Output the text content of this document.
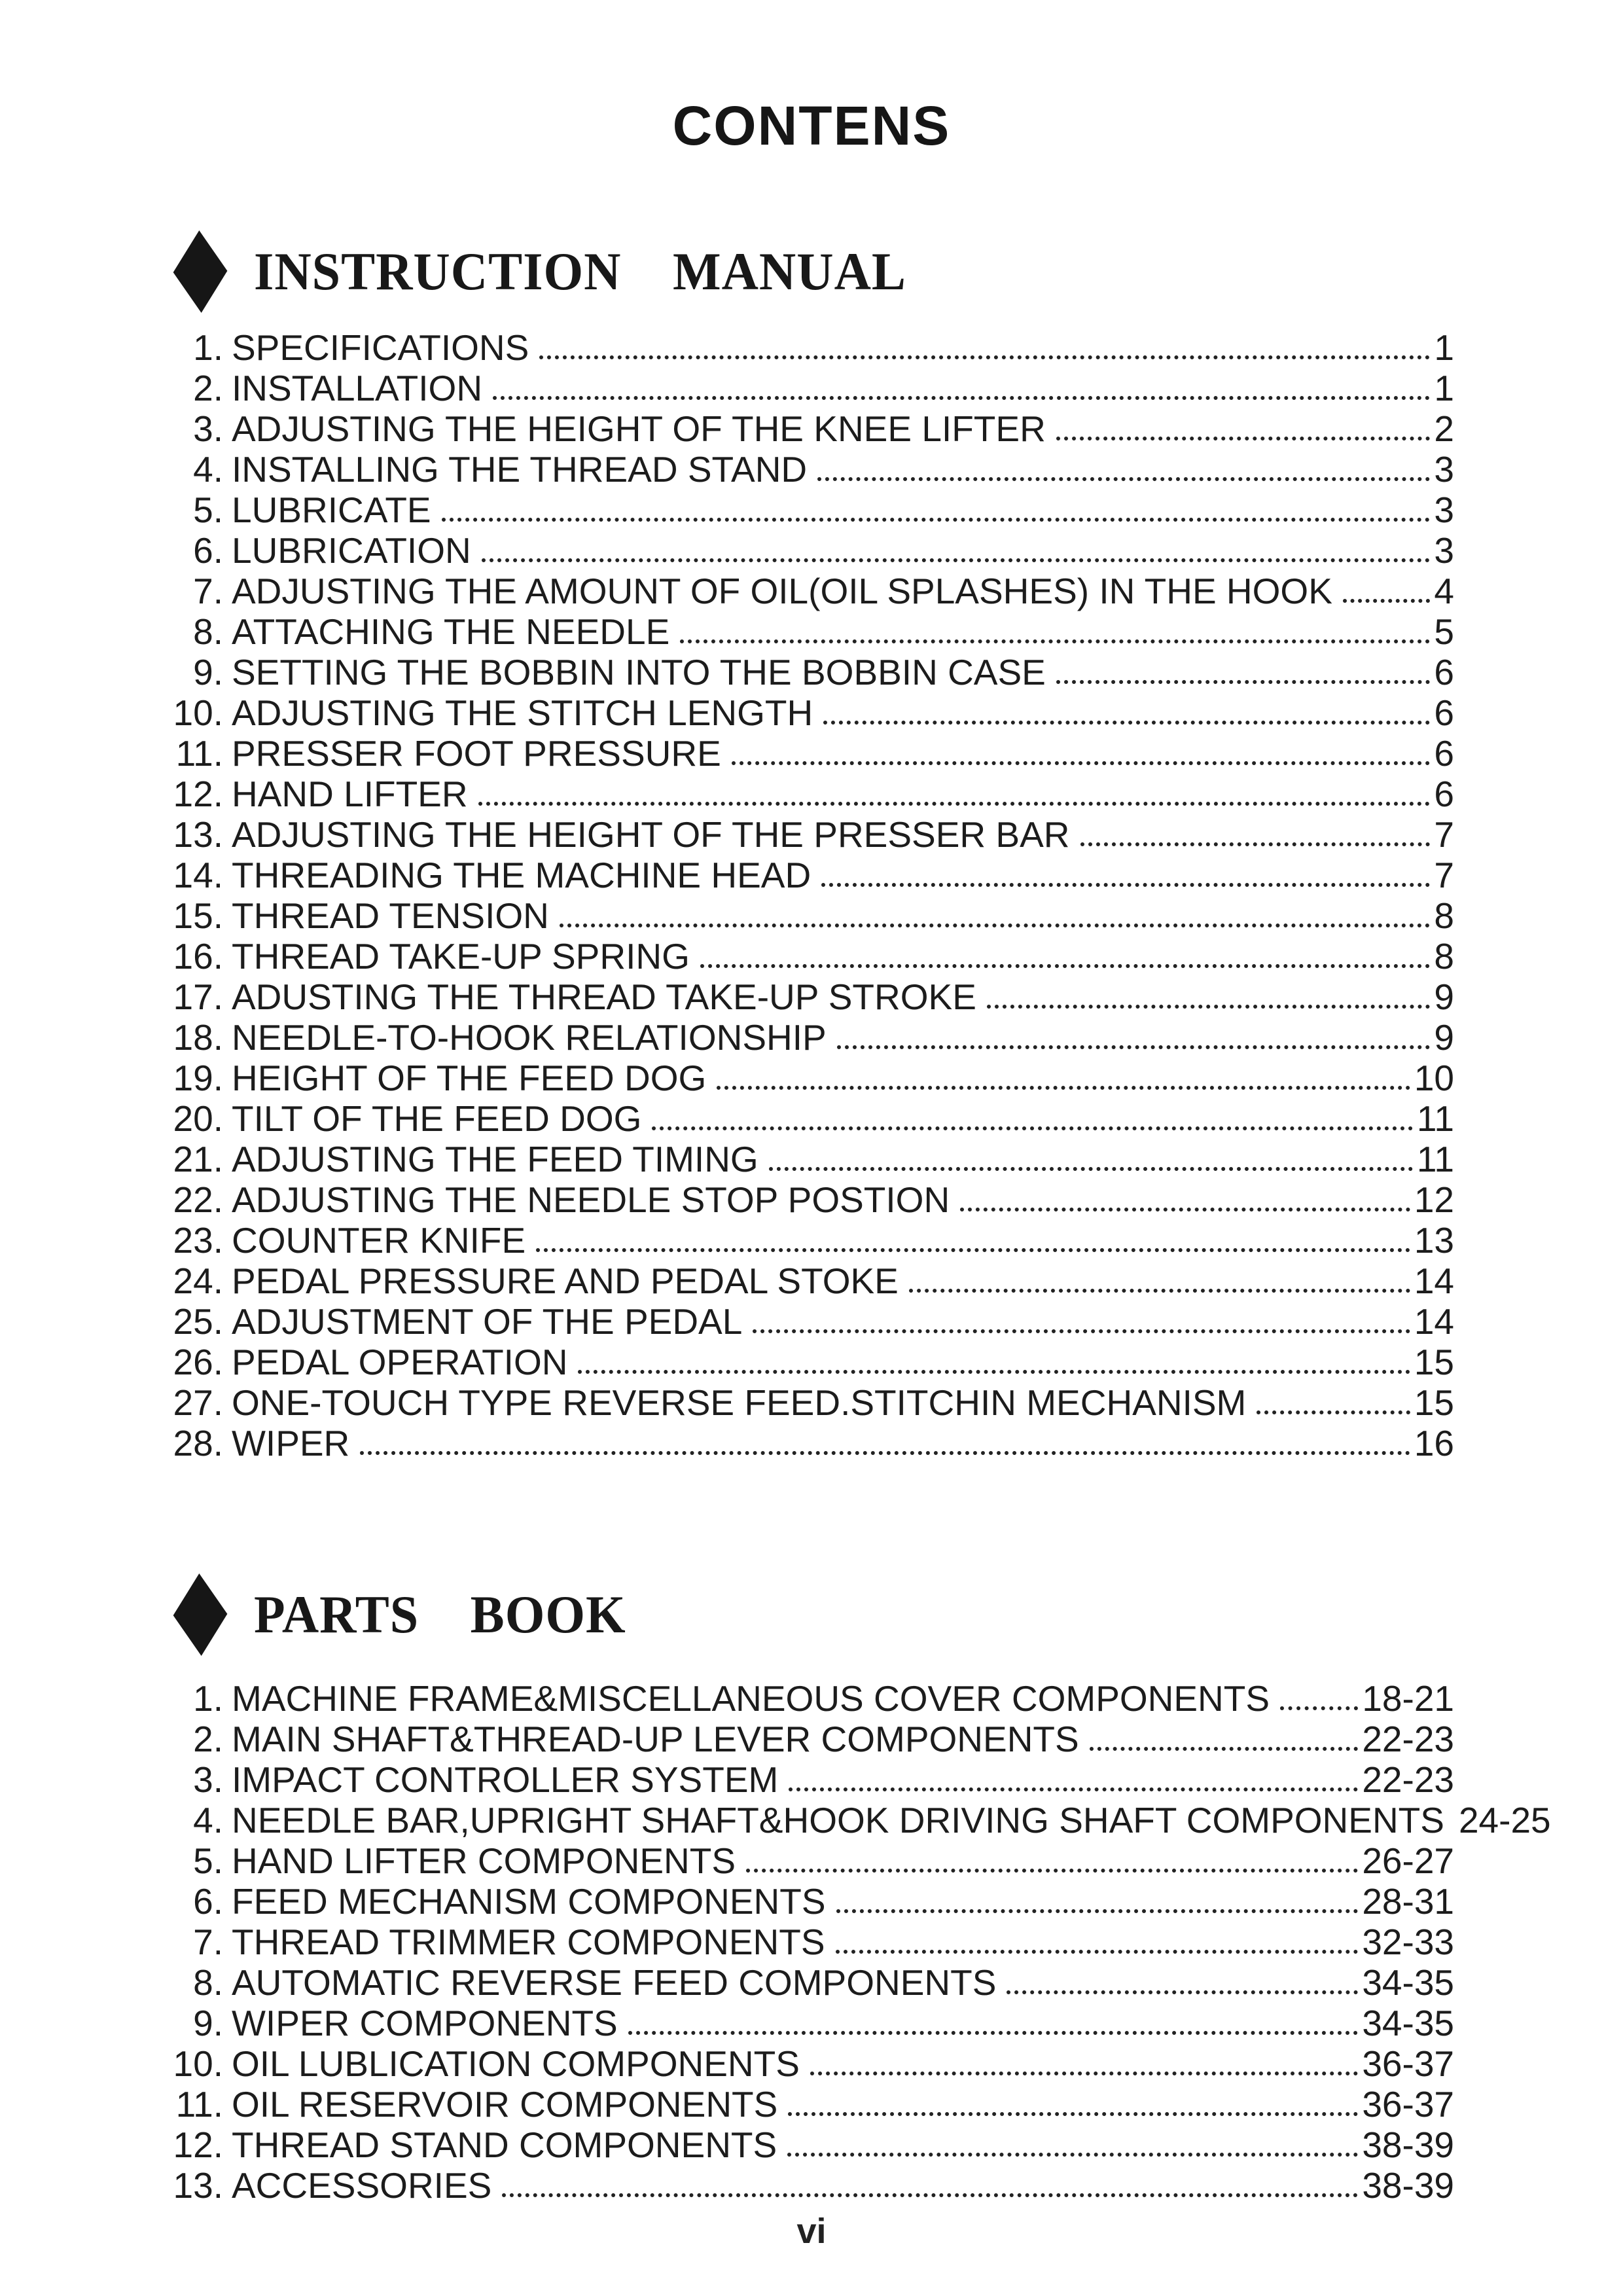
CONTENS
INSTRUCTION MANUAL
1. SPECIFICATIONS	1
2. INSTALLATION	1
3. ADJUSTING THE HEIGHT OF THE KNEE LIFTER	2
4. INSTALLING THE THREAD STAND	3
5. LUBRICATE	3
6. LUBRICATION	3
7. ADJUSTING THE AMOUNT OF OIL(OIL SPLASHES) IN THE HOOK	4
8. ATTACHING THE NEEDLE	5
9. SETTING THE BOBBIN INTO THE BOBBIN CASE	6
10. ADJUSTING THE STITCH LENGTH	6
11. PRESSER FOOT PRESSURE	6
12. HAND LIFTER	6
13. ADJUSTING THE HEIGHT OF THE PRESSER BAR	7
14. THREADING THE MACHINE HEAD	7
15. THREAD TENSION	8
16. THREAD TAKE-UP SPRING	8
17. ADUSTING THE THREAD TAKE-UP STROKE	9
18. NEEDLE-TO-HOOK RELATIONSHIP	9
19. HEIGHT OF THE FEED DOG	10
20. TILT OF THE FEED DOG	11
21. ADJUSTING THE FEED TIMING	11
22. ADJUSTING THE NEEDLE STOP POSTION	12
23. COUNTER KNIFE	13
24. PEDAL PRESSURE AND PEDAL STOKE	14
25. ADJUSTMENT OF THE PEDAL	14
26. PEDAL OPERATION	15
27. ONE-TOUCH TYPE REVERSE FEED.STITCHIN MECHANISM	15
28. WIPER	16
PARTS BOOK
1. MACHINE FRAME&MISCELLANEOUS COVER COMPONENTS	18-21
2. MAIN SHAFT&THREAD-UP LEVER COMPONENTS	22-23
3. IMPACT CONTROLLER SYSTEM	22-23
4. NEEDLE BAR,UPRIGHT SHAFT&HOOK DRIVING SHAFT COMPONENTS 24-25
5. HAND LIFTER COMPONENTS	26-27
6. FEED MECHANISM COMPONENTS	28-31
7. THREAD TRIMMER COMPONENTS	32-33
8. AUTOMATIC REVERSE FEED COMPONENTS	34-35
9. WIPER COMPONENTS	34-35
10. OIL LUBLICATION COMPONENTS	36-37
11. OIL RESERVOIR COMPONENTS	36-37
12. THREAD STAND COMPONENTS	38-39
13. ACCESSORIES	38-39
vi
